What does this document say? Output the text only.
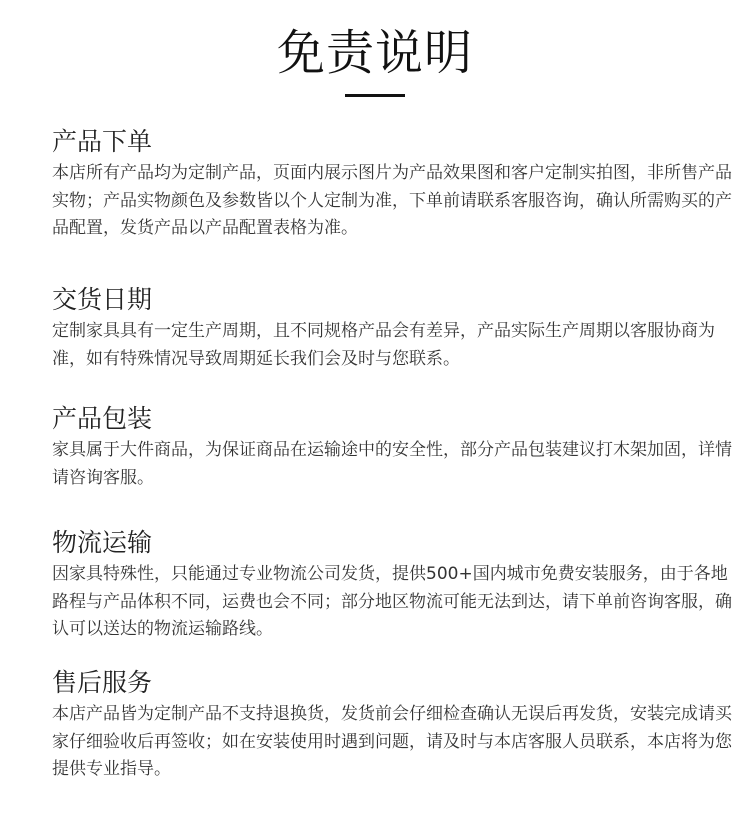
免责说明
产品下单

本店所有产品均为定制产品，页面内展示图片为产品效果图和客户定制实拍图，非所售产品实物；产品实物颜色及参数皆以个人定制为准，下单前请联系客服咨询，确认所需购买的产品配置，发货产品以产品配置表格为准。

交货日期

定制家具具有一定生产周期，且不同规格产品会有差异，产品实际生产周期以客服协商为准，如有特殊情况导致周期延长我们会及时与您联系。

产品包装

家具属于大件商品，为保证商品在运输途中的安全性，部分产品包装建议打木架加固，详情请咨询客服。

物流运输

因家具特殊性，只能通过专业物流公司发货，提供500+国内城市免费安装服务，由于各地路程与产品体积不同，运费也会不同；部分地区物流可能无法到达，请下单前咨询客服，确认可以送达的物流运输路线。

售后服务

本店产品皆为定制产品不支持退换货，发货前会仔细检查确认无误后再发货，安装完成请买家仔细验收后再签收；如在安装使用时遇到问题，请及时与本店客服人员联系，本店将为您提供专业指导。
